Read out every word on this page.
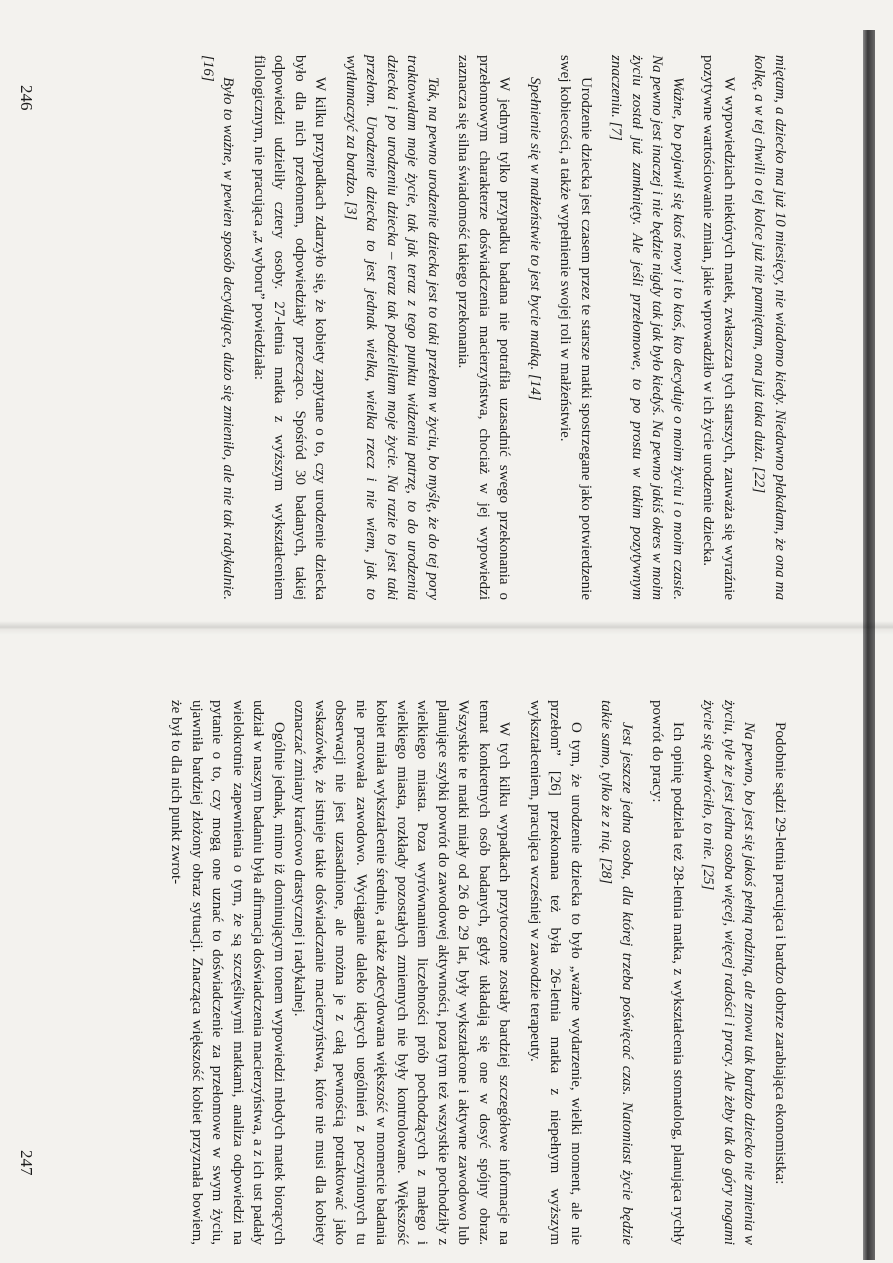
miętam, a dziecko ma już 10 miesięcy, nie wiadomo kiedy. Niedawno płakałam, że ona ma kolkę, a w tej chwili o tej kolce już nie pamiętam, ona już taka duża. [22]

W wypowiedziach niektórych matek, zwłaszcza tych starszych, zauważa się wyraźnie pozytywne wartościowanie zmian, jakie wprowadziło w ich życie urodzenie dziecka.

Ważne, bo pojawił się ktoś nowy i to ktoś, kto decyduje o moim życiu i o moim czasie. Na pewno jest inaczej i nie będzie nigdy tak jak było kiedyś. Na pewno jakiś okres w moim życiu został już zamknięty. Ale jeśli przełomowe, to po prostu w takim pozytywnym znaczeniu. [7]

Urodzenie dziecka jest czasem przez te starsze matki spostrzegane jako potwierdzenie swej kobiecości, a także wypełnienie swojej roli w małżeństwie.

Spełnienie się w małżeństwie to jest bycie matką. [14]

W jednym tylko przypadku badana nie potrafiła uzasadnić swego przekonania o przełomowym charakterze doświadczenia macierzyństwa, chociaż w jej wypowiedzi zaznacza się silna świadomość takiego przekonania.

Tak, na pewno urodzenie dziecka jest to taki przełom w życiu, bo myślę, że do tej pory traktowałam moje życie, tak jak teraz z tego punktu widzenia patrzę, to do urodzenia dziecka i po urodzeniu dziecka – teraz tak podzieliłam moje życie. Na razie to jest taki przełom. Urodzenie dziecka to jest jednak wielka, wielka rzecz i nie wiem, jak to wytłumaczyć za bardzo. [3]

W kilku przypadkach zdarzyło się, że kobiety zapytane o to, czy urodzenie dziecka było dla nich przełomem, odpowiedziały przecząco. Spośród 30 badanych, takiej odpowiedzi udzieliły cztery osoby. 27-letnia matka z wyższym wykształceniem filologicznym, nie pracująca „z wyboru” powiedziała:

Było to ważne, w pewien sposób decydujące, dużo się zmieniło, ale nie tak radykalnie. [16]

246

Podobnie sądzi 29-letnia pracująca i bardzo dobrze zarabiająca ekonomistka:

Na pewno, bo jest się jakoś pełną rodziną, ale znowu tak bardzo dziecko nie zmienia w życiu, tyle że jest jedna osoba więcej, więcej radości i pracy. Ale żeby tak do góry nogami życie się odwróciło, to nie. [25]

Ich opinię podziela też 28-letnia matka, z wykształcenia stomatolog, planująca rychły powrót do pracy:

Jest jeszcze jedna osoba, dla której trzeba poświęcać czas. Natomiast życie będzie takie samo, tylko że z nią. [28]

O tym, że urodzenie dziecka to było „ważne wydarzenie, wielki moment, ale nie przełom” [26] przekonana też była 26-letnia matka z niepełnym wyższym wykształceniem, pracująca wcześniej w zawodzie terapeuty.

W tych kilku wypadkach przytoczone zostały bardziej szczegółowe informacje na temat konkretnych osób badanych, gdyż układają się one w dosyć spójny obraz. Wszystkie te matki miały od 26 do 29 lat, były wykształcone i aktywne zawodowo lub planujące szybki powrót do zawodowej aktywności, poza tym też wszystkie pochodziły z wielkiego miasta. Poza wyrównaniem liczebności prób pochodzących z małego i wielkiego miasta, rozkłady pozostałych zmiennych nie były kontrolowane. Większość kobiet miała wykształcenie średnie, a także zdecydowana większość w momencie badania nie pracowała zawodowo. Wyciąganie daleko idących uogólnień z poczynionych tu obserwacji nie jest uzasadnione, ale można je z całą pewnością potraktować jako wskazówkę, że istnieje takie doświadczanie macierzyństwa, które nie musi dla kobiety oznaczać zmiany krańcowo drastycznej i radykalnej.

Ogólnie jednak, mimo iż dominującym tonem wypowiedzi młodych matek biorących udział w naszym badaniu była afirmacja doświadczenia macierzyństwa, a z ich ust padały wielokrotnie zapewnienia o tym, że są szczęśliwymi matkami, analiza odpowiedzi na pytanie o to, czy mogą one uznać to doświadczenie za przełomowe w swym życiu, ujawniła bardziej złożony obraz sytuacji. Znacząca większość kobiet przyznała bowiem, że był to dla nich punkt zwrot-

247
